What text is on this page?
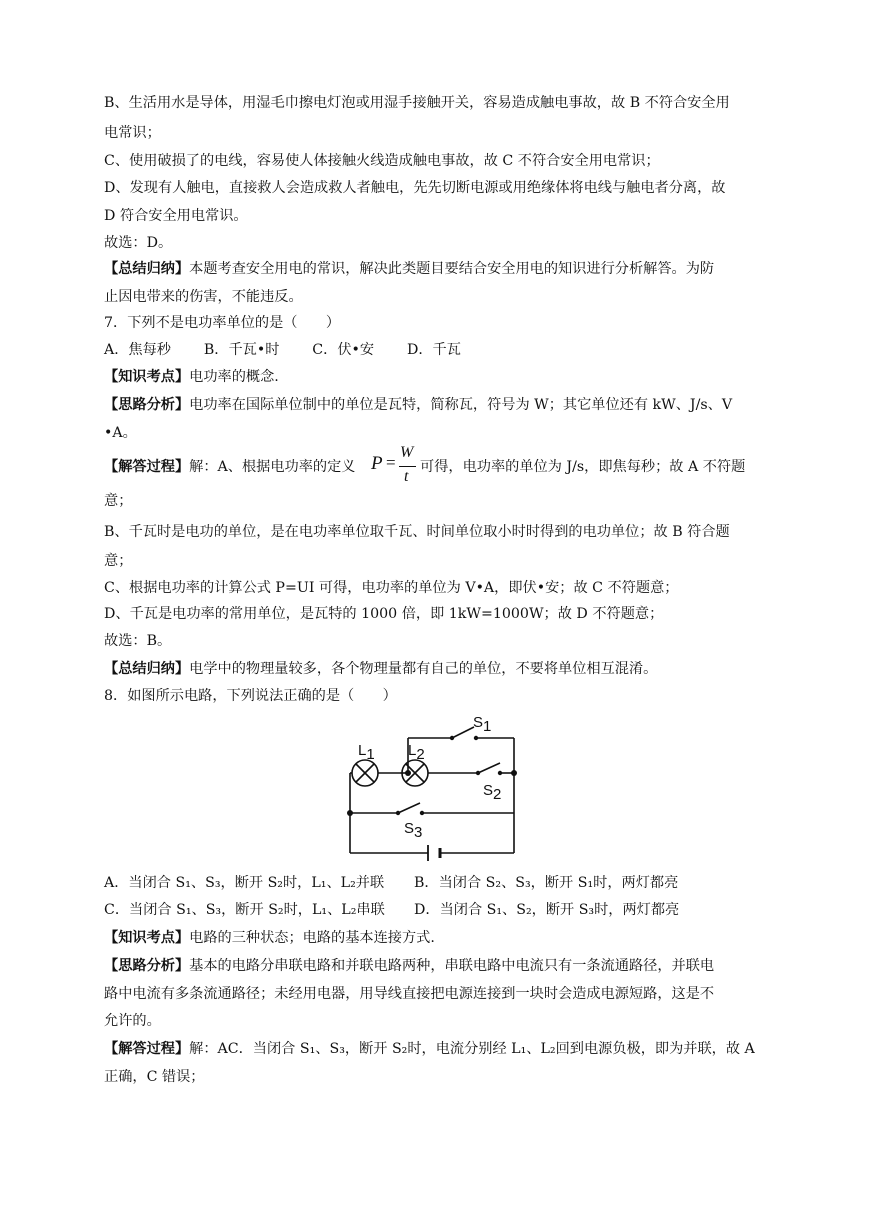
B、生活用水是导体，用湿毛巾擦电灯泡或用湿手接触开关，容易造成触电事故，故 B 不符合安全用
电常识；
C、使用破损了的电线，容易使人体接触火线造成触电事故，故 C 不符合安全用电常识；
D、发现有人触电，直接救人会造成救人者触电，先先切断电源或用绝缘体将电线与触电者分离，故
D 符合安全用电常识。
故选：D。
【总结归纳】本题考查安全用电的常识，解决此类题目要结合安全用电的知识进行分析解答。为防
止因电带来的伤害，不能违反。
7．下列不是电功率单位的是（　　）
A．焦每秒　　 B．千瓦•时　　 C．伏•安　　 D．千瓦
【知识考点】电功率的概念.
【思路分析】电功率在国际单位制中的单位是瓦特，简称瓦，符号为 W；其它单位还有 kW、J/s、V
•A。
【解答过程】解：A、根据电功率的定义 P =
W
t
可得，电功率的单位为 J/s，即焦每秒；故 A 不符题
意；
B、千瓦时是电功的单位，是在电功率单位取千瓦、时间单位取小时时得到的电功单位；故 B 符合题
意；
C、根据电功率的计算公式 P=UI 可得，电功率的单位为 V•A，即伏•安；故 C 不符题意；
D、千瓦是电功率的常用单位，是瓦特的 1000 倍，即 1kW=1000W；故 D 不符题意；
故选：B。
【总结归纳】电学中的物理量较多，各个物理量都有自己的单位，不要将单位相互混淆。
8．如图所示电路，下列说法正确的是（　　）
L1 L2
S1
S2
S3
A．当闭合 S₁、S₃，断开 S₂时，L₁、L₂并联 B．当闭合 S₂、S₃，断开 S₁时，两灯都亮
C．当闭合 S₁、S₃，断开 S₂时，L₁、L₂串联 D．当闭合 S₁、S₂，断开 S₃时，两灯都亮
【知识考点】电路的三种状态；电路的基本连接方式.
【思路分析】基本的电路分串联电路和并联电路两种，串联电路中电流只有一条流通路径，并联电
路中电流有多条流通路径；未经用电器，用导线直接把电源连接到一块时会造成电源短路，这是不
允许的。
【解答过程】解：AC．当闭合 S₁、S₃，断开 S₂时，电流分别经 L₁、L₂回到电源负极，即为并联，故 A
正确，C 错误；
